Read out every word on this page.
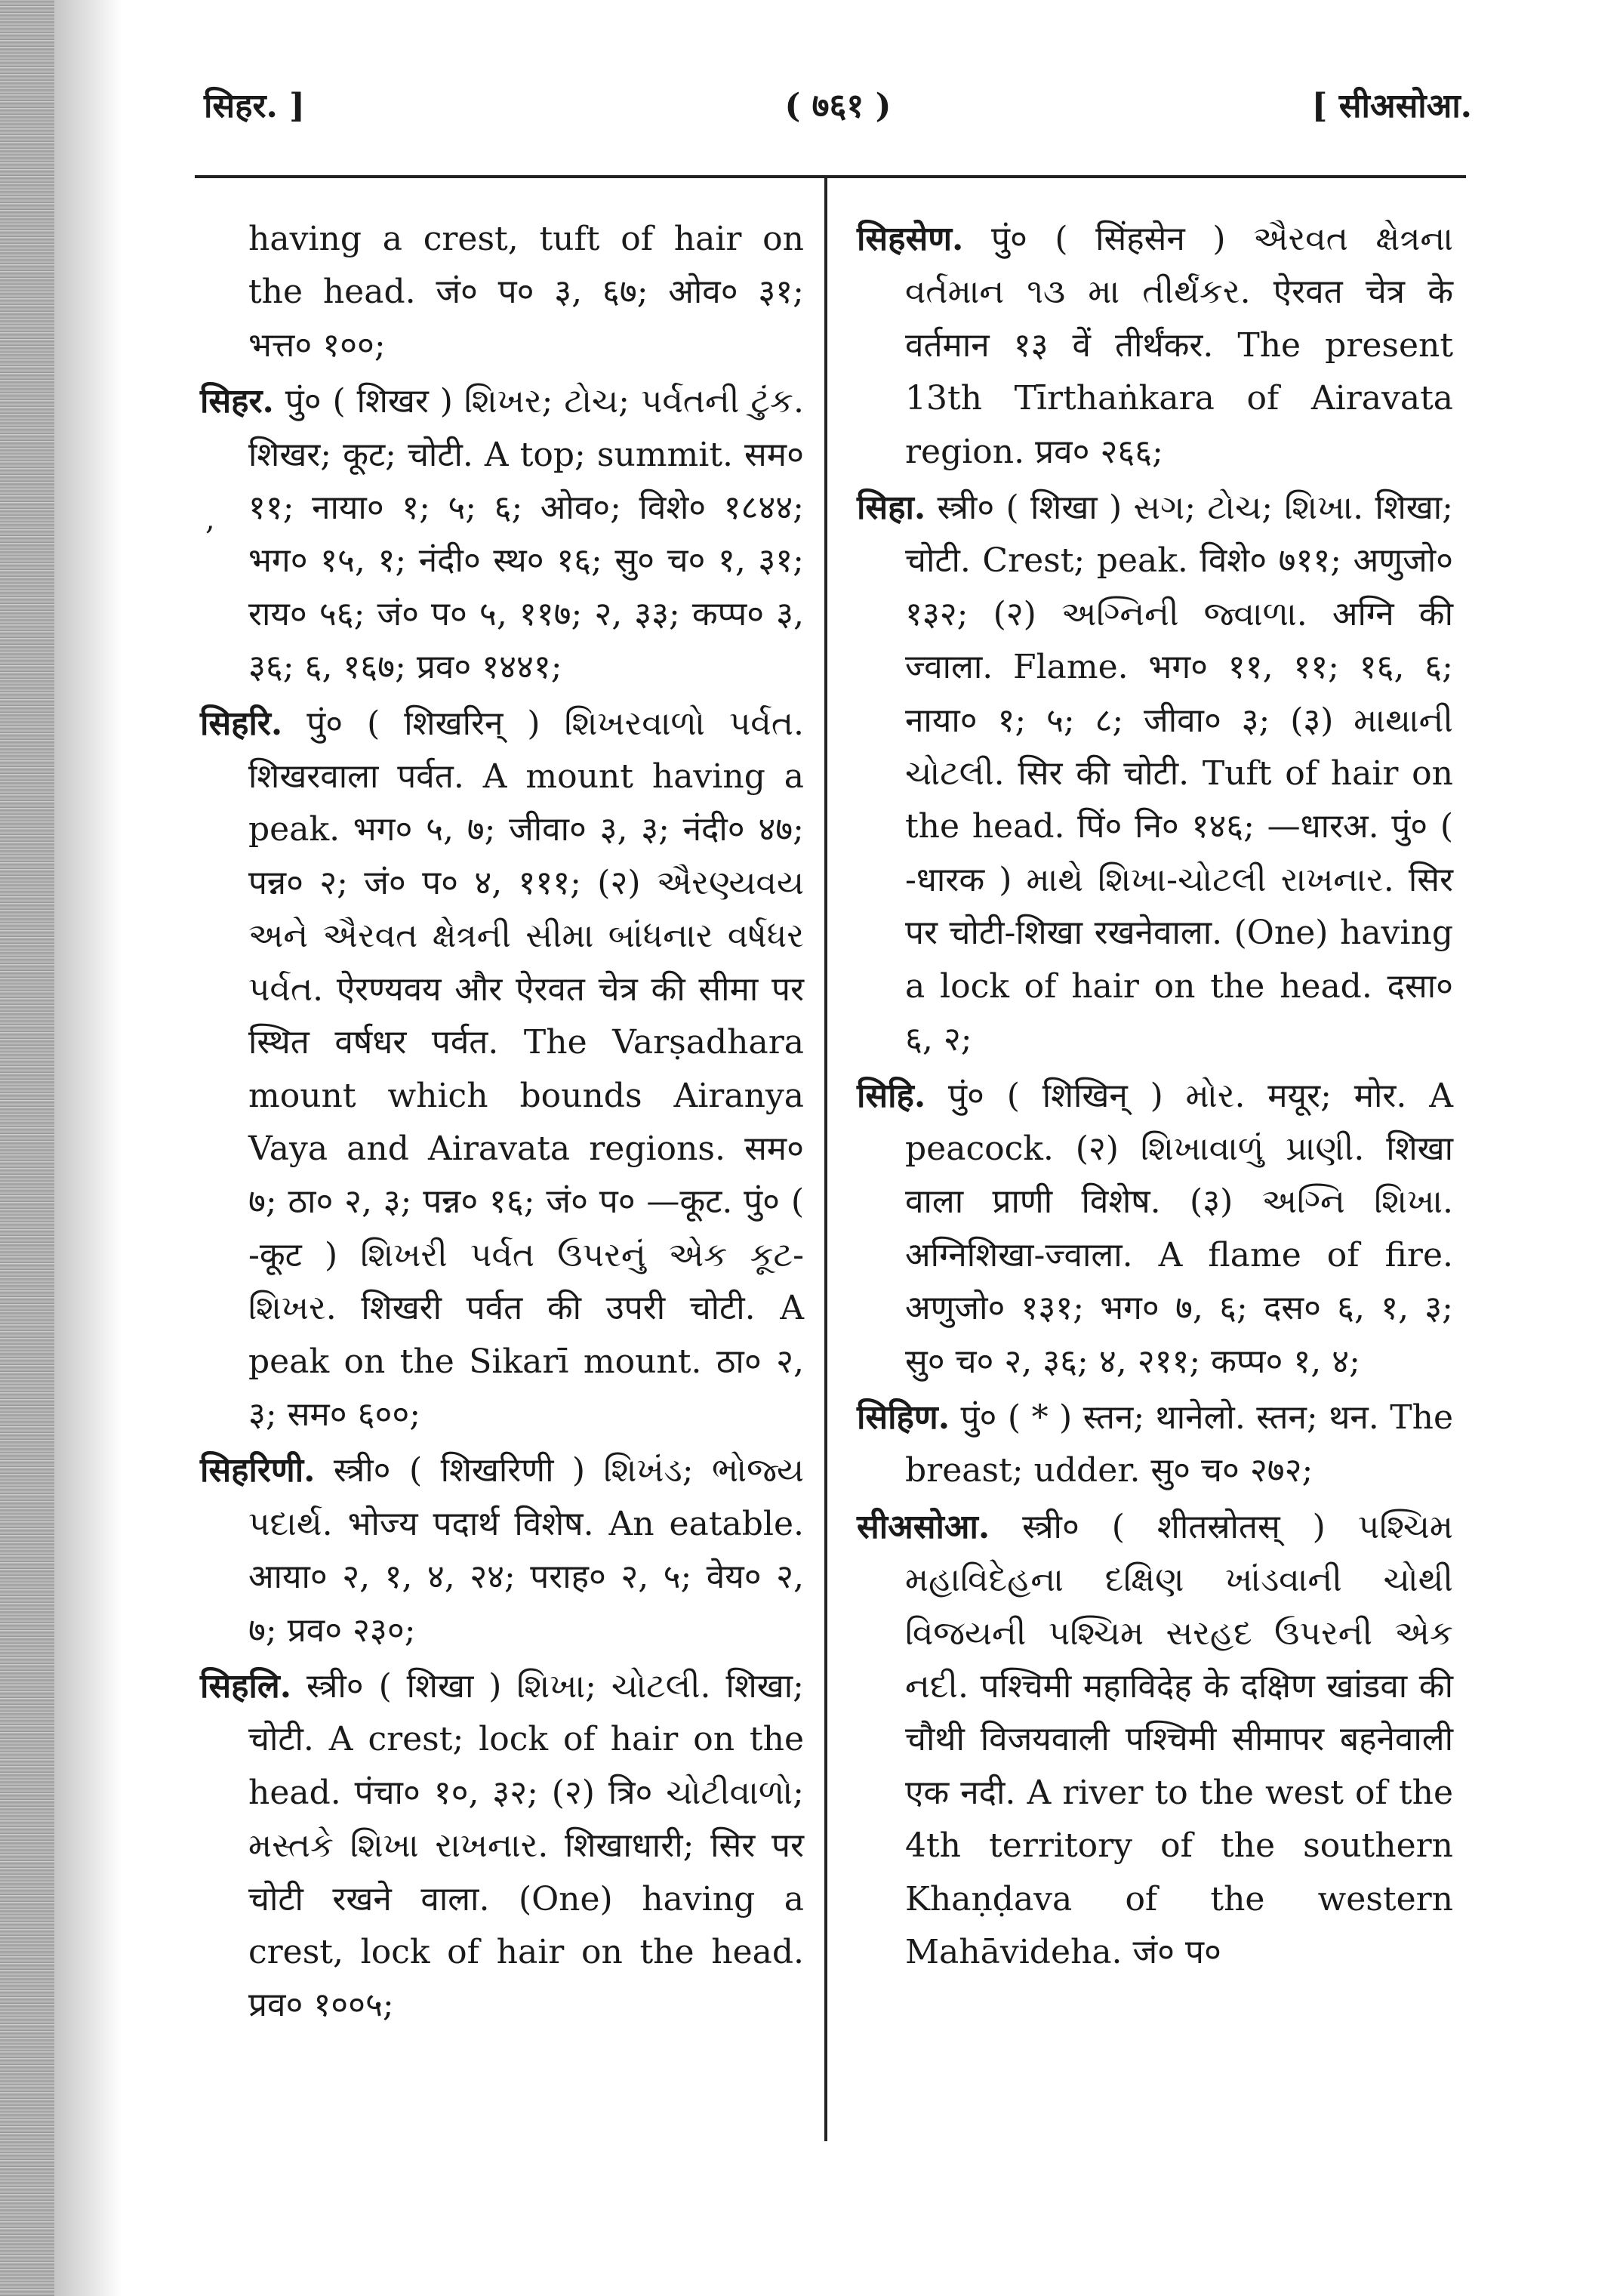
सिहर. ]	( ७६१ )	[ सीअसोआ.
,

having a crest, tuft of hair on the head. जं० प० ३, ६७; ओव० ३१; भत्त० १००;

सिहर. पुं० ( शिखर ) શિખર; ટોચ; પર્વતની ટુંક. शिखर; कूट; चोटी. A top; summit. सम० ११; नाया० १; ५; ६; ओव०; विशे० १८४४; भग० १५, १; नंदी० स्थ० १६; सु० च० १, ३१; राय० ५६; जं० प० ५, ११७; २, ३३; कप्प० ३, ३६; ६, १६७; प्रव० १४४१;

सिहरि. पुं० ( शिखरिन् ) શિખરવાળો પર્વત. शिखरवाला पर्वत. A mount having a peak. भग० ५, ७; जीवा० ३, ३; नंदी० ४७; पन्न० २; जं० प० ४, १११; (२) ઐરણ્યવય અને ઐરવત ક્ષેત્રની સીમા બાંધનાર વર્ષધર પર્વત. ऐरण्यवय और ऐरवत चेत्र की सीमा पर स्थित वर्षधर पर्वत. The Varṣadhara mount which bounds Airanya Vaya and Airavata regions. सम० ७; ठा० २, ३; पन्न० १६; जं० प० —कूट. पुं० ( -कूट ) શિખરી પર્વત ઉપરનું એક કૂટ-શિખર. शिखरी पर्वत की उपरी चोटी. A peak on the Sikarī mount. ठा० २, ३; सम० ६००;

सिहरिणी. स्त्री० ( शिखरिणी ) શિખંડ; ભોજ્ય પદાર્થ. भोज्य पदार्थ विशेष. An eatable. आया० २, १, ४, २४; पराह० २, ५; वेय० २, ७; प्रव० २३०;

सिहलि. स्त्री० ( शिखा ) શિખા; ચોટલી. शिखा; चोटी. A crest; lock of hair on the head. पंचा० १०, ३२; (२) त्रि० ચોટીવાળો; મસ્તકે શિખા રાખનાર. शिखाधारी; सिर पर चोटी रखने वाला. (One) having a crest, lock of hair on the head. प्रव० १००५;

सिहसेण. पुं० ( सिंहसेन ) ઐરવત ક્ષેત્રના વર્તમાન ૧૩ મા તીર્થંકર. ऐरवत चेत्र के वर्तमान १३ वें तीर्थंकर. The present 13th Tīrthaṅkara of Airavata region. प्रव० २६६;

सिहा. स्त्री० ( शिखा ) સગ; ટોચ; શિખા. शिखा; चोटी. Crest; peak. विशे० ७११; अणुजो० १३२; (२) અગ્નિની જ્વાળા. अग्नि की ज्वाला. Flame. भग० ११, ११; १६, ६; नाया० १; ५; ८; जीवा० ३; (३) માથાની ચોટલી. सिर की चोटी. Tuft of hair on the head. पिं० नि० १४६; —धारअ. पुं० ( -धारक ) માથે શિખા-ચોટલી રાખનાર. सिर पर चोटी-शिखा रखनेवाला. (One) having a lock of hair on the head. दसा० ६, २;

सिहि. पुं० ( शिखिन् ) મોર. मयूर; मोर. A peacock. (२) શિખાવાળું પ્રાણી. शिखा वाला प्राणी विशेष. (३) અગ્નિ શિખા. अग्निशिखा-ज्वाला. A flame of fire. अणुजो० १३१; भग० ७, ६; दस० ६, १, ३; सु० च० २, ३६; ४, २११; कप्प० १, ४;

सिहिण. पुं० ( * ) स्तन; थानेलो. स्तन; थन. The breast; udder. सु० च० २७२;

सीअसोआ. स्त्री० ( शीतस्रोतस् ) પશ્ચિમ મહાવિદેહના દક્ષિણ ખાંડવાની ચોથી વિજયની પશ્ચિમ સરહદ ઉપરની એક નદી. पश्चिमी महाविदेह के दक्षिण खांडवा की चौथी विजयवाली पश्चिमी सीमापर बहनेवाली एक नदी. A river to the west of the 4th territory of the southern Khaṇḍava of the western Mahāvideha. जं० प०
